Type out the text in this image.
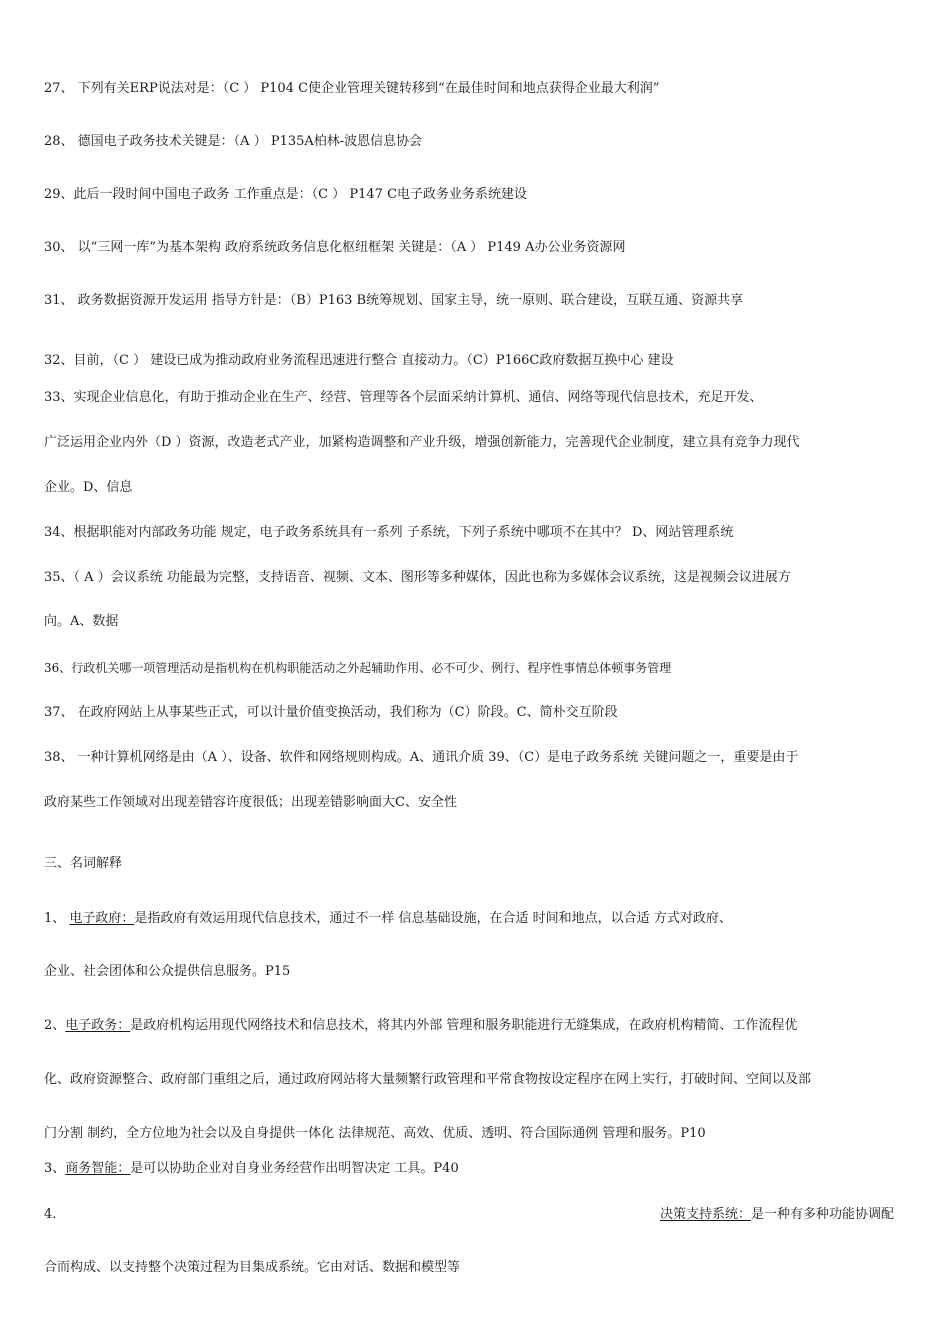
27、 下列有关ERP说法对是：（C ） P104 C使企业管理关键转移到“在最佳时间和地点获得企业最大利润”
28、 德国电子政务技术关键是：（A ） P135A柏林-波恩信息协会
29、此后一段时间中国电子政务 工作重点是：（C ） P147 C电子政务业务系统建设
30、 以“三网一库”为基本架构 政府系统政务信息化枢纽框架 关键是：（A ） P149 A办公业务资源网
31、 政务数据资源开发运用 指导方针是：（B）P163 B统筹规划、国家主导，统一原则、联合建设，互联互通、资源共享
32、目前，（C ） 建设已成为推动政府业务流程迅速进行整合 直接动力。（C）P166C政府数据互换中心 建设
33、实现企业信息化，有助于推动企业在生产、经营、管理等各个层面采纳计算机、通信、网络等现代信息技术，充足开发、
广泛运用企业内外（D ）资源，改造老式产业，加紧构造调整和产业升级，增强创新能力，完善现代企业制度，建立具有竞争力现代
企业。D、信息
34、根据职能对内部政务功能 规定，电子政务系统具有一系列 子系统，下列子系统中哪项不在其中？ D、网站管理系统
35、（ A ）会议系统 功能最为完整，支持语音、视频、文本、图形等多种媒体，因此也称为多媒体会议系统，这是视频会议进展方
向。A、数据
36、行政机关哪一项管理活动是指机构在机构职能活动之外起辅助作用、必不可少、例行、程序性事情总体顿事务管理
37、 在政府网站上从事某些正式，可以计量价值变换活动，我们称为（C）阶段。C、简朴交互阶段
38、 一种计算机网络是由（A ）、设备、软件和网络规则构成。A、通讯介质 39、（C）是电子政务系统 关键问题之一，重要是由于
政府某些工作领域对出现差错容许度很低；出现差错影响面大C、安全性
三、名词解释
1、 电子政府：是指政府有效运用现代信息技术，通过不一样 信息基础设施，在合适 时间和地点，以合适 方式对政府、
企业、社会团体和公众提供信息服务。P15
2、电子政务：是政府机构运用现代网络技术和信息技术，将其内外部 管理和服务职能进行无缝集成，在政府机构精简、工作流程优
化、政府资源整合、政府部门重组之后，通过政府网站将大量频繁行政管理和平常食物按设定程序在网上实行，打破时间、空间以及部
门分割 制约，全方位地为社会以及自身提供一体化 法律规范、高效、优质、透明、符合国际通例 管理和服务。P10
3、商务智能：是可以协助企业对自身业务经营作出明智决定 工具。P40
4.	决策支持系统：是一种有多种功能协调配
合而构成、以支持整个决策过程为目集成系统。它由对话、数据和模型等
